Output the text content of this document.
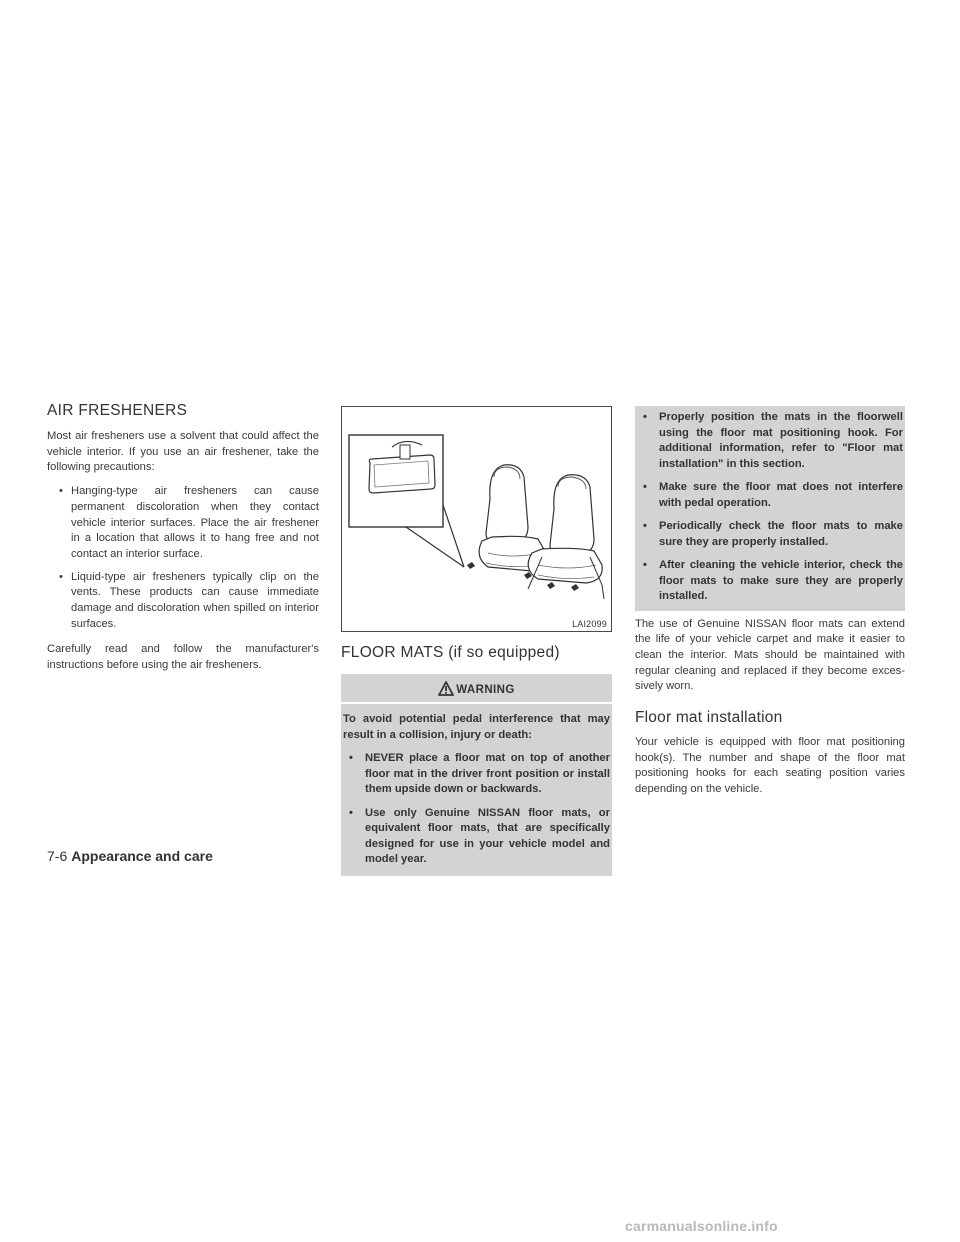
AIR FRESHENERS

Most air fresheners use a solvent that could affect the vehicle interior. If you use an air freshener, take the following precautions:

• Hanging-type air fresheners can cause permanent discoloration when they contact vehicle interior surfaces. Place the air freshener in a location that allows it to hang free and not contact an interior surface.
• Liquid-type air fresheners typically clip on the vents. These products can cause immediate damage and discoloration when spilled on interior surfaces.

Carefully read and follow the manufacturer's instructions before using the air fresheners.

LAI2099
FLOOR MATS (if so equipped)
WARNING

To avoid potential pedal interference that may result in a collision, injury or death:

• NEVER place a floor mat on top of another floor mat in the driver front position or install them upside down or backwards.
• Use only Genuine NISSAN floor mats, or equivalent floor mats, that are specifically designed for use in your vehicle model and model year.
• Properly position the mats in the floorwell using the floor mat positioning hook. For additional information, refer to "Floor mat installation" in this section.
• Make sure the floor mat does not interfere with pedal operation.
• Periodically check the floor mats to make sure they are properly installed.
• After cleaning the vehicle interior, check the floor mats to make sure they are properly installed.

The use of Genuine NISSAN floor mats can extend the life of your vehicle carpet and make it easier to clean the interior. Mats should be maintained with regular cleaning and replaced if they become excessively worn.

Floor mat installation

Your vehicle is equipped with floor mat positioning hook(s). The number and shape of the floor mat positioning hooks for each seating position varies depending on the vehicle.

7-6 Appearance and care
carmanualsonline.info
